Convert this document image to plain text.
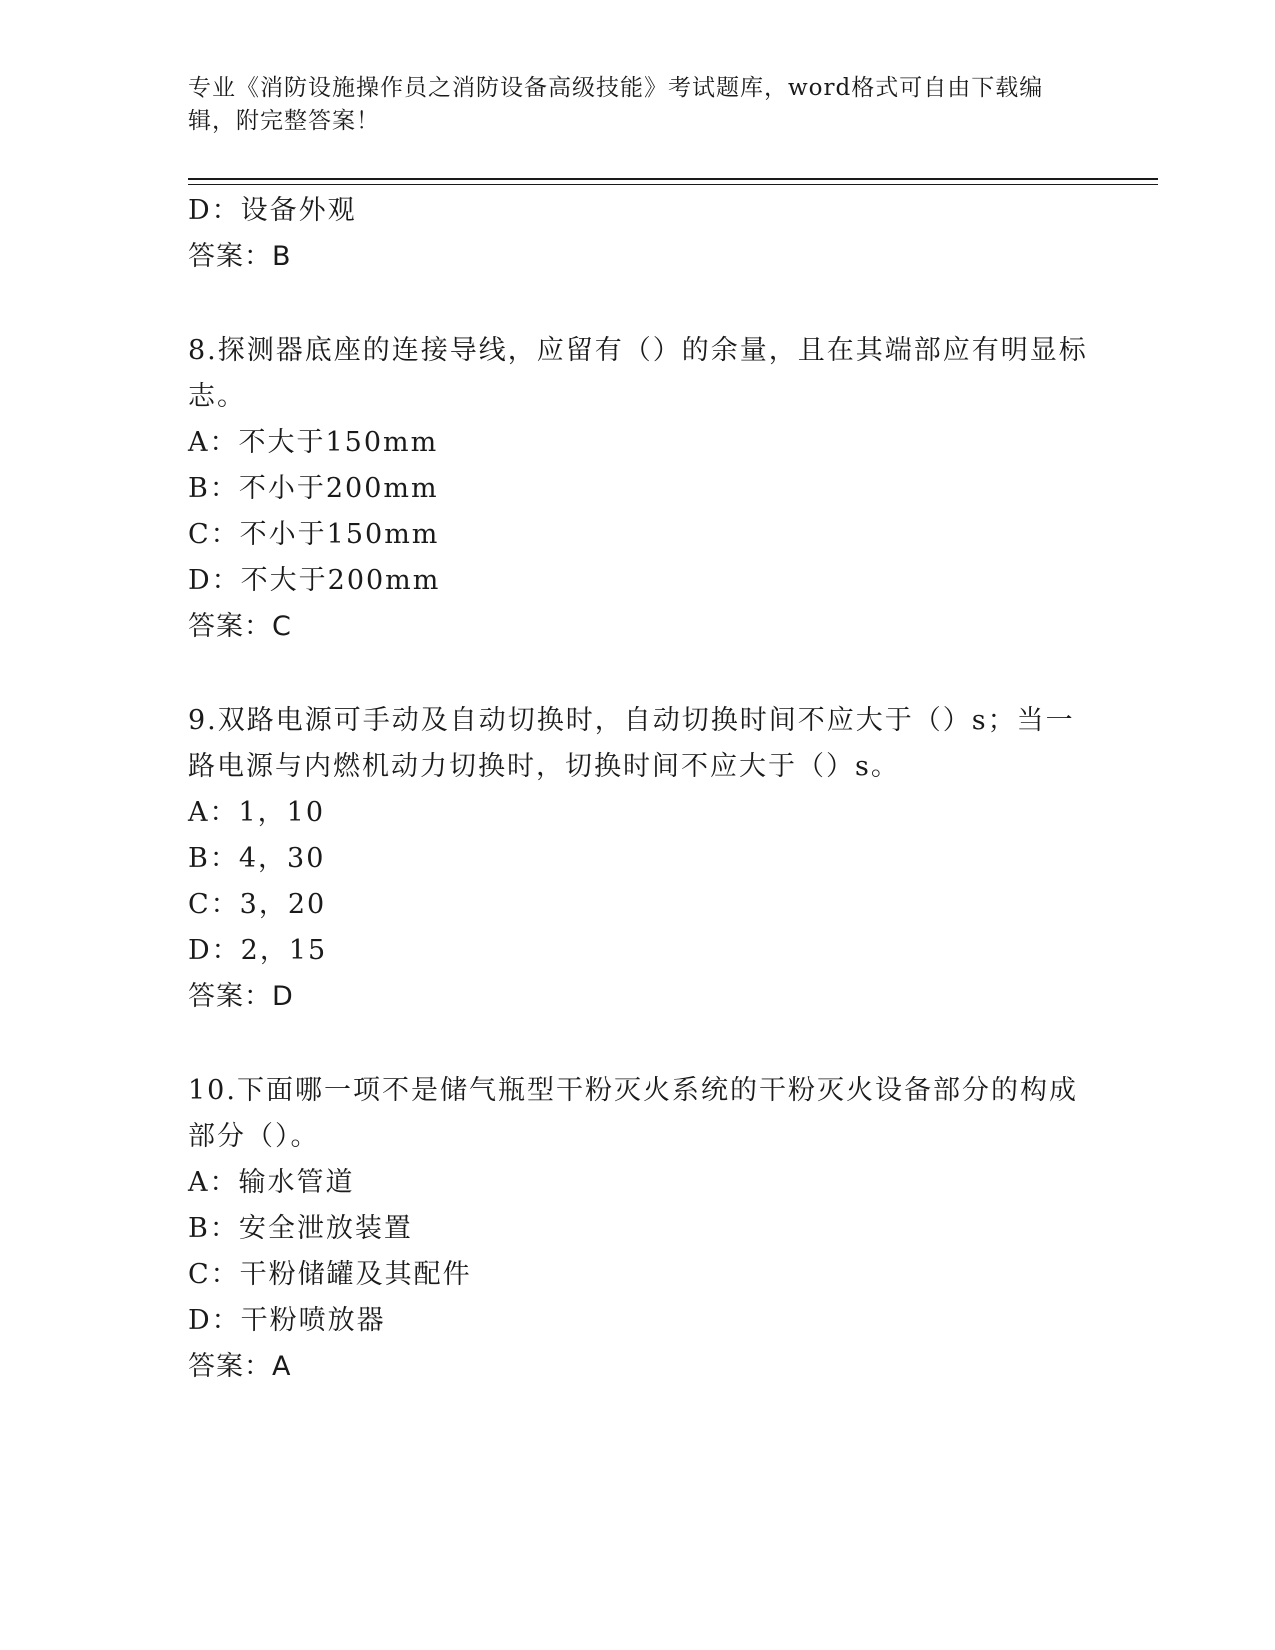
专业《消防设施操作员之消防设备高级技能》考试题库，word格式可自由下载编辑，附完整答案！
D：设备外观
答案：B
8.探测器底座的连接导线，应留有（）的余量，且在其端部应有明显标志。
A：不大于150mm
B：不小于200mm
C：不小于150mm
D：不大于200mm
答案：C
9.双路电源可手动及自动切换时，自动切换时间不应大于（）s；当一路电源与内燃机动力切换时，切换时间不应大于（）s。
A：1，10
B：4，30
C：3，20
D：2，15
答案：D
10.下面哪一项不是储气瓶型干粉灭火系统的干粉灭火设备部分的构成部分（）。
A：输水管道
B：安全泄放装置
C：干粉储罐及其配件
D：干粉喷放器
答案：A
